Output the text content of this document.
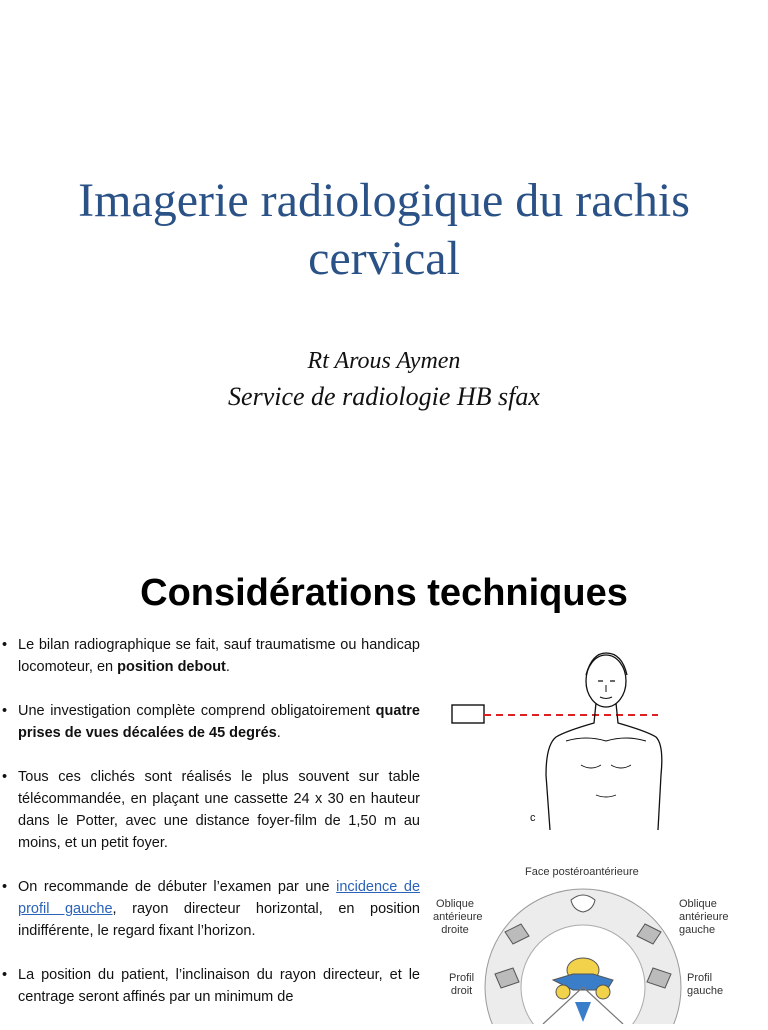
Imagerie radiologique du rachis cervical
Rt Arous Aymen
Service de radiologie HB sfax
Considérations techniques
• Le bilan radiographique se fait, sauf traumatisme ou handicap locomoteur, en position debout.
• Une investigation complète comprend obligatoirement quatre prises de vues décalées de 45 degrés.
• Tous ces clichés sont réalisés le plus souvent sur table télécommandée, en plaçant une cassette 24 x 30 en hauteur dans le Potter, avec une distance foyer-film de 1,50 m au moins, et un petit foyer.
• On recommande de débuter l’examen par une incidence de profil gauche, rayon directeur horizontal, en position indifférente, le regard fixant l’horizon.
• La position du patient, l’inclinaison du rayon directeur, et le centrage seront affinés par un minimum de
c
Face postéroantérieure
Oblique
antérieure
droite
Oblique
antérieure
gauche
Profil
droit
Profil
gauche
